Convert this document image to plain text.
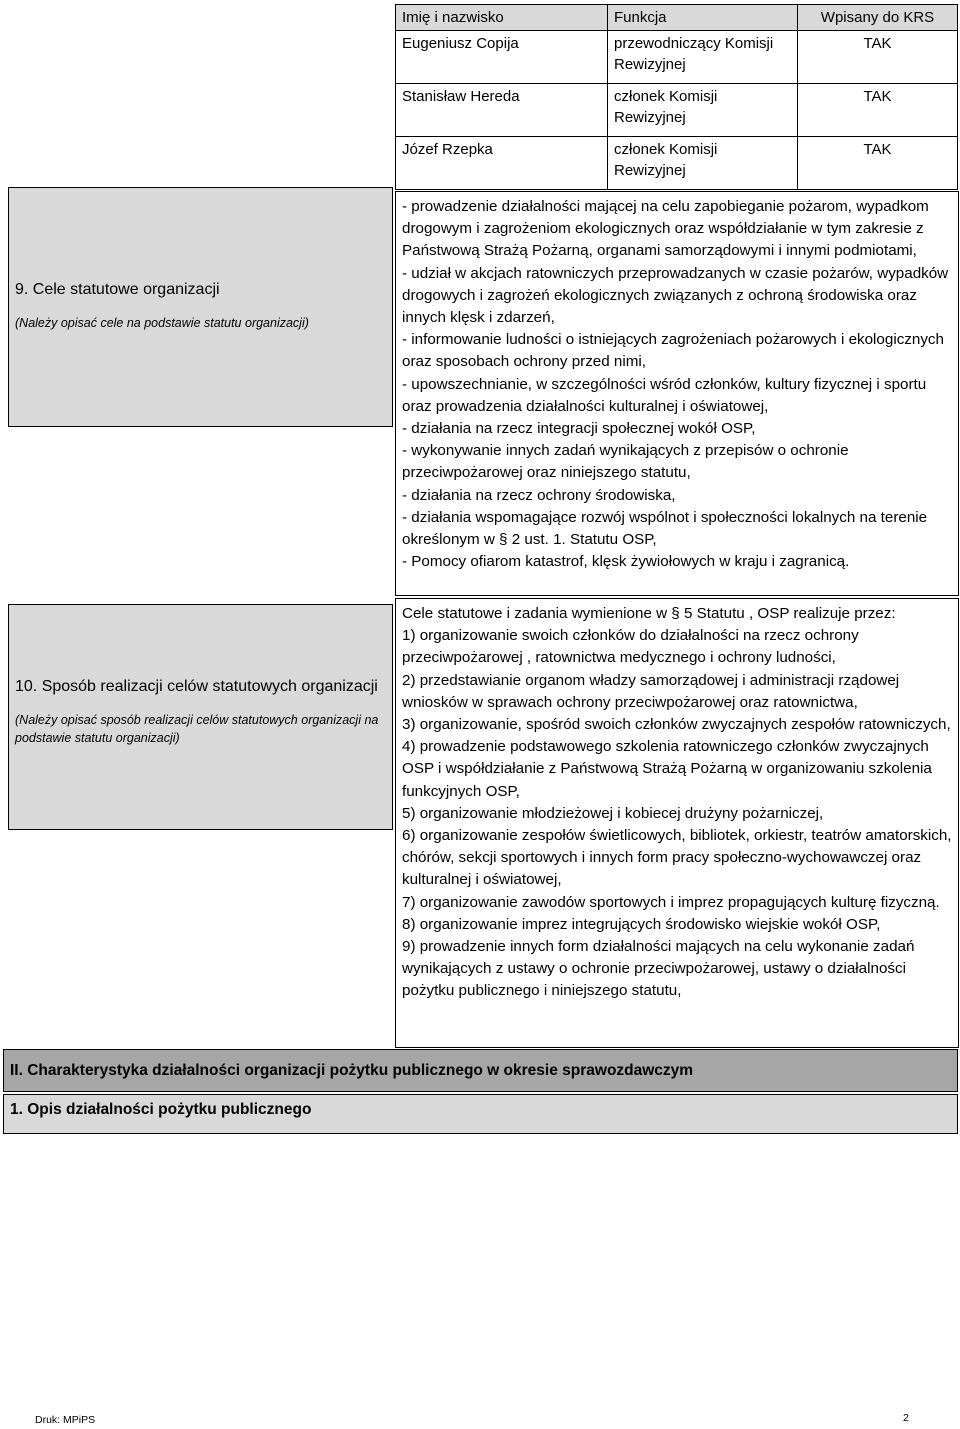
Imię i nazwisko	Funkcja	Wpisany do KRS
Eugeniusz Copija	przewodniczący Komisji Rewizyjnej	TAK
Stanisław Hereda	członek Komisji Rewizyjnej	TAK
Józef Rzepka	członek Komisji Rewizyjnej	TAK
9. Cele statutowe organizacji
(Należy opisać cele na podstawie statutu organizacji)

- prowadzenie działalności mającej na celu zapobieganie pożarom, wypadkom drogowym i zagrożeniom ekologicznych oraz współdziałanie w tym zakresie z Państwową Strażą Pożarną, organami samorządowymi i innymi podmiotami,

- udział w akcjach ratowniczych przeprowadzanych w czasie pożarów, wypadków drogowych i zagrożeń ekologicznych związanych z ochroną środowiska oraz innych klęsk i zdarzeń,

- informowanie ludności o istniejących zagrożeniach pożarowych i ekologicznych oraz sposobach ochrony przed nimi,

- upowszechnianie, w szczególności wśród członków, kultury fizycznej i sportu oraz prowadzenia działalności kulturalnej i oświatowej,

- działania na rzecz integracji społecznej wokół OSP,

- wykonywanie innych zadań wynikających z przepisów o ochronie przeciwpożarowej oraz niniejszego statutu,

- działania na rzecz ochrony środowiska,

- działania wspomagające rozwój wspólnot i społeczności lokalnych na terenie określonym w § 2 ust. 1. Statutu OSP,

- Pomocy ofiarom katastrof, klęsk żywiołowych w kraju i zagranicą.

10. Sposób realizacji celów statutowych organizacji
(Należy opisać sposób realizacji celów statutowych organizacji na podstawie statutu organizacji)

Cele statutowe i zadania wymienione w § 5 Statutu , OSP realizuje przez:

1) organizowanie swoich członków do działalności na rzecz ochrony przeciwpożarowej , ratownictwa medycznego i ochrony ludności,

2) przedstawianie organom władzy samorządowej i administracji rządowej wniosków w sprawach ochrony przeciwpożarowej oraz ratownictwa,

3) organizowanie, spośród swoich członków zwyczajnych zespołów ratowniczych,

4) prowadzenie podstawowego szkolenia ratowniczego członków zwyczajnych OSP i współdziałanie z Państwową Strażą Pożarną w organizowaniu szkolenia funkcyjnych OSP,

5) organizowanie młodzieżowej i kobiecej drużyny pożarniczej,

6) organizowanie zespołów świetlicowych, bibliotek, orkiestr, teatrów amatorskich, chórów, sekcji sportowych i innych form pracy społeczno-wychowawczej oraz kulturalnej i oświatowej,

7) organizowanie zawodów sportowych i imprez propagujących kulturę fizyczną.

8) organizowanie imprez integrujących środowisko wiejskie wokół OSP,

9) prowadzenie innych form działalności mających na celu wykonanie zadań wynikających z ustawy o ochronie przeciwpożarowej, ustawy o działalności pożytku publicznego i niniejszego statutu,

II. Charakterystyka działalności organizacji pożytku publicznego w okresie sprawozdawczym
1. Opis działalności pożytku publicznego
Druk: MPiPS	2
